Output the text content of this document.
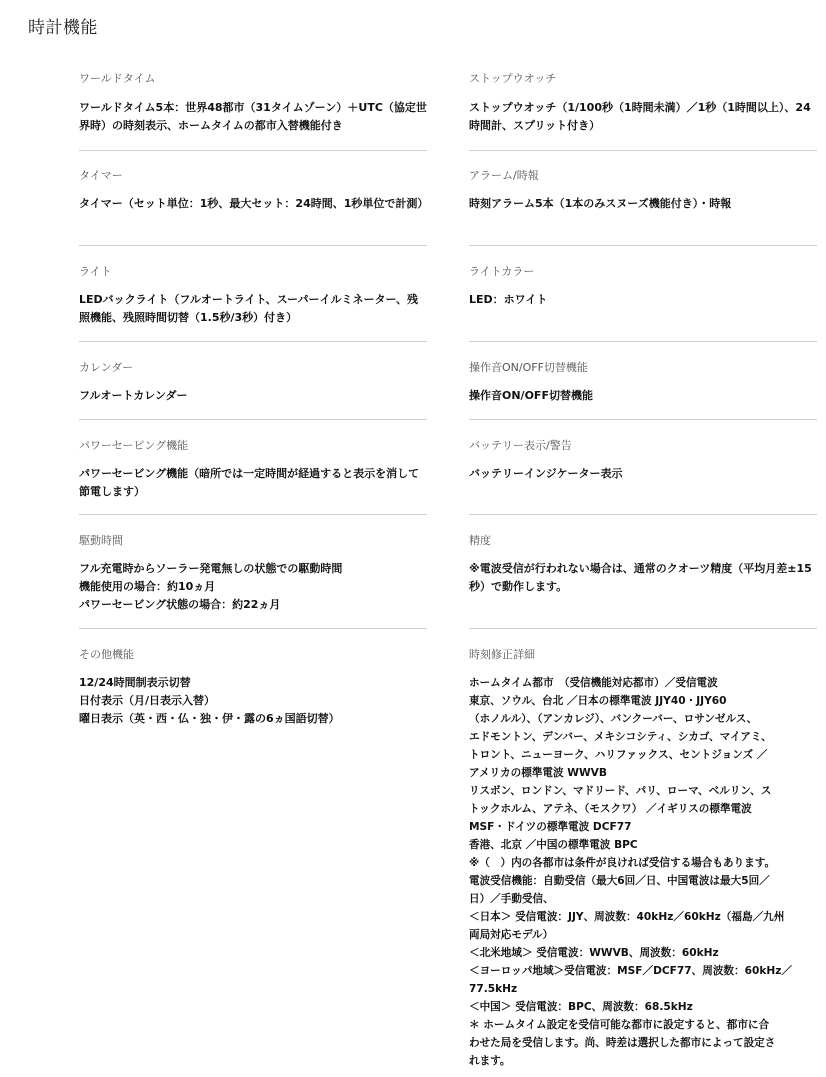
時計機能
ワールドタイム
ワールドタイム5本：世界48都市（31タイムゾーン）＋UTC（協定世界時）の時刻表示、ホームタイムの都市入替機能付き
タイマー
タイマー（セット単位：1秒、最大セット：24時間、1秒単位で計測）
ライト
LEDバックライト（フルオートライト、スーパーイルミネーター、残照機能、残照時間切替（1.5秒/3秒）付き）
カレンダー
フルオートカレンダー
パワーセービング機能
パワーセービング機能（暗所では一定時間が経過すると表示を消して節電します）
駆動時間
フル充電時からソーラー発電無しの状態での駆動時間
機能使用の場合：約10ヵ月
パワーセービング状態の場合：約22ヵ月
その他機能
12/24時間制表示切替
日付表示（月/日表示入替）
曜日表示（英・西・仏・独・伊・露の6ヵ国語切替）
ストップウオッチ
ストップウオッチ（1/100秒（1時間未満）／1秒（1時間以上）、24時間計、スプリット付き）
アラーム/時報
時刻アラーム5本（1本のみスヌーズ機能付き）・時報
ライトカラー
LED：ホワイト
操作音ON/OFF切替機能
操作音ON/OFF切替機能
バッテリー表示/警告
バッテリーインジケーター表示
精度
※電波受信が行われない場合は、通常のクオーツ精度（平均月差±15秒）で動作します。
時刻修正詳細
ホームタイム都市　（受信機能対応都市）／受信電波
東京、ソウル、台北 ／日本の標準電波 JJY40・JJY60
（ホノルル）、（アンカレジ）、バンクーバー、ロサンゼルス、
エドモントン、デンバー、メキシコシティ、シカゴ、マイアミ、
トロント、ニューヨーク、ハリファックス、セントジョンズ ／
アメリカの標準電波 WWVB
リスボン、ロンドン、マドリード、パリ、ローマ、ベルリン、ス
トックホルム、アテネ、（モスクワ） ／イギリスの標準電波
MSF・ドイツの標準電波 DCF77
香港、北京 ／中国の標準電波 BPC
※（　）内の各都市は条件が良ければ受信する場合もあります。
電波受信機能：自動受信（最大6回／日、中国電波は最大5回／
日）／手動受信、
＜日本＞ 受信電波：JJY、周波数：40kHz／60kHz（福島／九州
両局対応モデル）
＜北米地域＞ 受信電波：WWVB、周波数：60kHz
＜ヨーロッパ地域＞受信電波：MSF／DCF77、周波数：60kHz／
77.5kHz
＜中国＞ 受信電波：BPC、周波数：68.5kHz
＊ ホームタイム設定を受信可能な都市に設定すると、都市に合
わせた局を受信します。尚、時差は選択した都市によって設定さ
れます。
